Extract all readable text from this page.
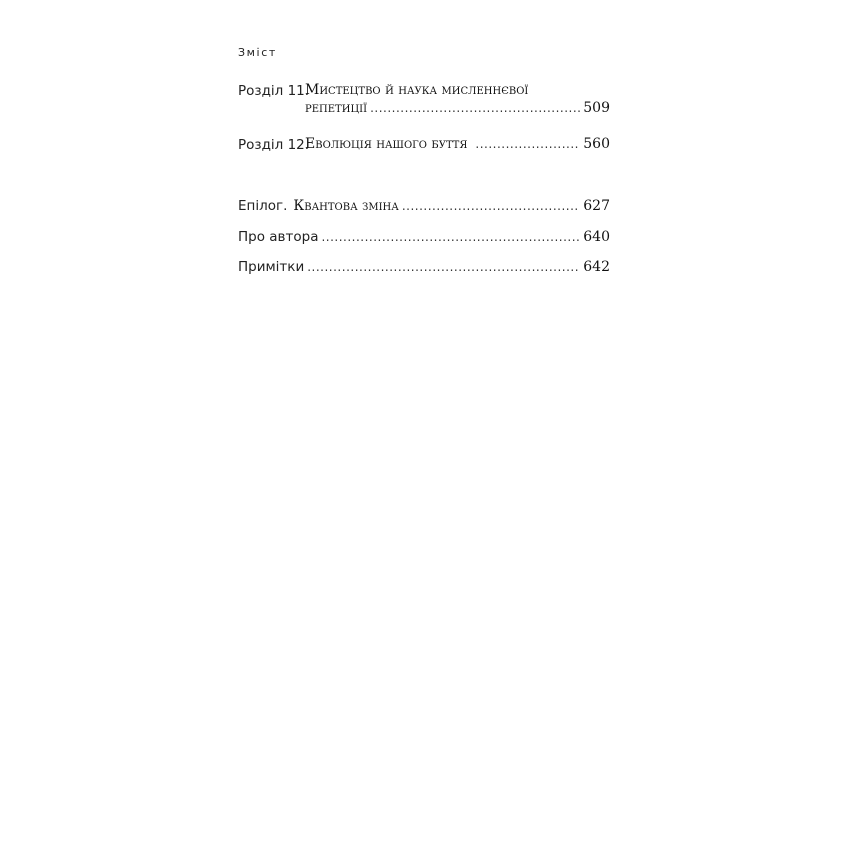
Зміст
Розділ 11.
Мистецтво й наука мисленнєвої
репетиції .....	509
Розділ 12.
Еволюція нашого буття .....	560
Епілог. Квантова зміна .....	627
Про автора .....	640
Примітки .....	642
